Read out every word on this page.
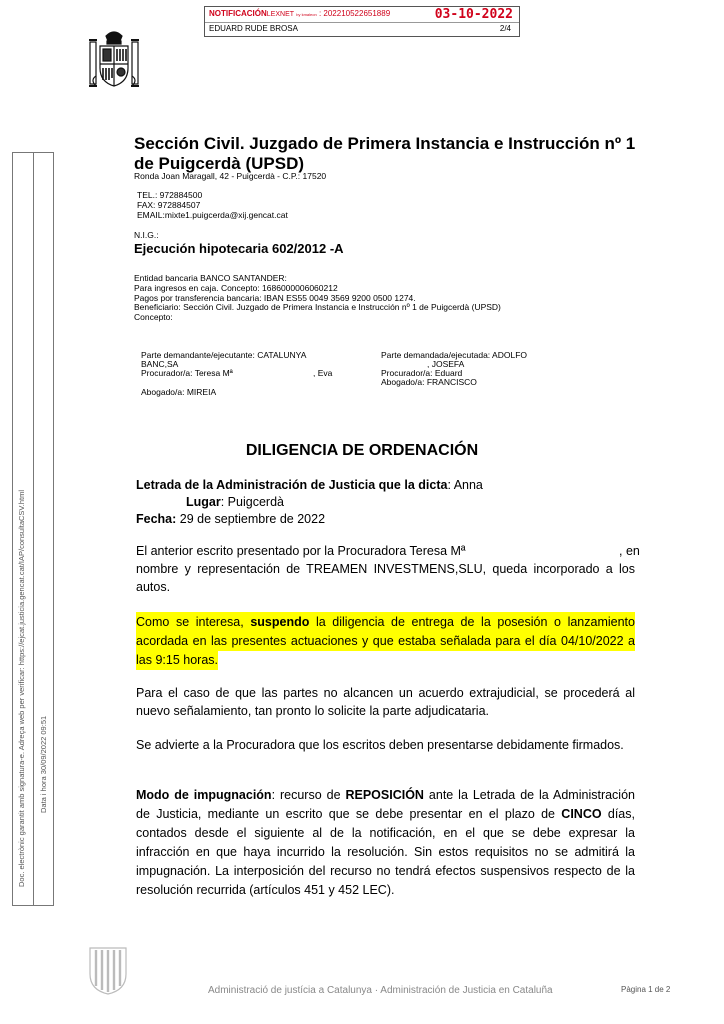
NOTIFICACIÓNLEXNET by kmaleon : 202210522651889	03-10-2022
EDUARD RUDE BROSA	2/4
Doc. electrònic garantit amb signatura-e. Adreça web per verificar: https://ejcat.justicia.gencat.cat/IAP/consultaCSV.html Data i hora 30/09/2022 09:51
Sección Civil. Juzgado de Primera Instancia e Instrucción nº 1 de Puigcerdà (UPSD)
Ronda Joan Maragall, 42 - Puigcerdà - C.P.: 17520
TEL.: 972884500
FAX: 972884507
EMAIL:mixte1.puigcerda@xij.gencat.cat
N.I.G.:
Ejecución hipotecaria 602/2012 -A
Entidad bancaria BANCO SANTANDER:
Para ingresos en caja. Concepto: 1686000006060212
Pagos por transferencia bancaria: IBAN ES55 0049 3569 9200 0500 1274.
Beneficiario: Sección Civil. Juzgado de Primera Instancia e Instrucción nº 1 de Puigcerdà (UPSD)
Concepto:
Parte demandante/ejecutante: CATALUNYA
BANC,SA
Procurador/a: Teresa Mª	, Eva
Abogado/a: MIREIA
Parte demandada/ejecutada: ADOLFO
, JOSEFA
Procurador/a: Eduard
Abogado/a: FRANCISCO
DILIGENCIA DE ORDENACIÓN
Letrada de la Administración de Justicia que la dicta: Anna
Lugar: Puigcerdà
Fecha: 29 de septiembre de 2022
El anterior escrito presentado por la Procuradora Teresa Mª	, en
nombre y representación de TREAMEN INVESTMENS,SLU, queda incorporado a los
autos.
Como se interesa, suspendo la diligencia de entrega de la posesión o lanzamiento
acordada en las presentes actuaciones y que estaba señalada para el día 04/10/2022 a
las 9:15 horas.
Para el caso de que las partes no alcancen un acuerdo extrajudicial, se procederá al
nuevo señalamiento, tan pronto lo solicite la parte adjudicataria.
Se advierte a la Procuradora que los escritos deben presentarse debidamente firmados.
Modo de impugnación: recurso de REPOSICIÓN ante la Letrada de la Administración
de Justicia, mediante un escrito que se debe presentar en el plazo de CINCO días,
contados desde el siguiente al de la notificación, en el que se debe expresar la
infracción en que haya incurrido la resolución. Sin estos requisitos no se admitirá la
impugnación. La interposición del recurso no tendrá efectos suspensivos respecto de la
resolución recurrida (artículos 451 y 452 LEC).
Administració de justícia a Catalunya · Administración de Justicia en Cataluña	Pàgina 1 de 2
